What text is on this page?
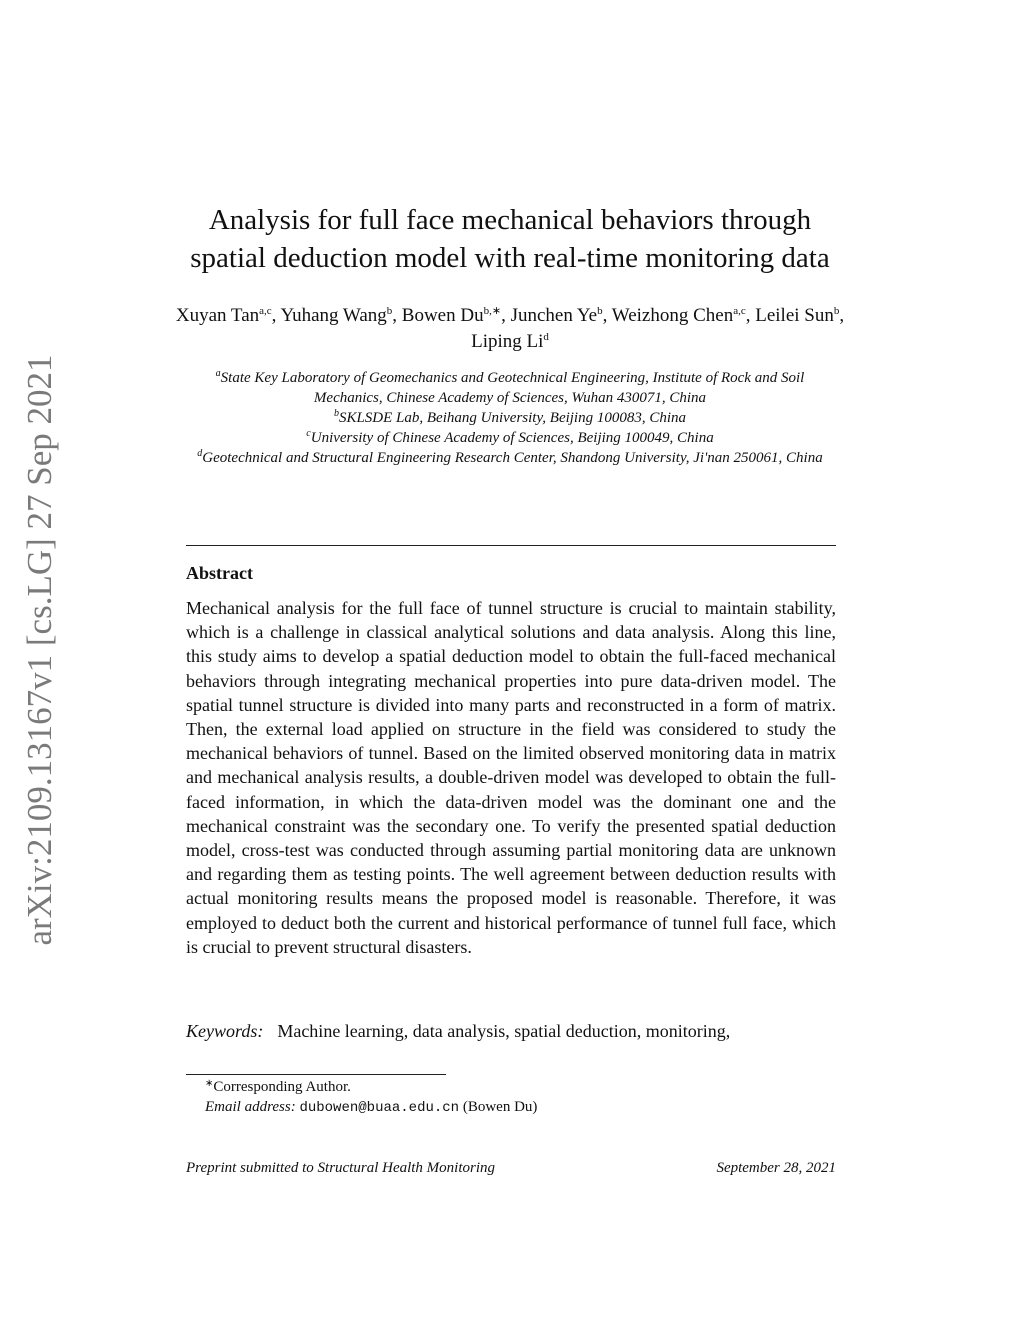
arXiv:2109.13167v1 [cs.LG] 27 Sep 2021
Analysis for full face mechanical behaviors through
spatial deduction model with real-time monitoring data
Xuyan Tan$^{a,c}$, Yuhang Wang$^b$, Bowen $Du^{b,∗}$, Junchen Ye$^b$, Weizhong Chen$^{a,c}$, Leilei Sun$^b$, Liping Li$^d$
$^a$State Key Laboratory of Geomechanics and Geotechnical Engineering, Institute of Rock and Soil Mechanics, Chinese Academy of Sciences, Wuhan 430071, China
$^b$SKLSDE Lab, Beihang University, Beijing 100083, China
$^c$University of Chinese Academy of Sciences, Beijing 100049, China
$^d$Geotechnical and Structural Engineering Research Center, Shandong University, Ji'nan 250061, China
Abstract
Mechanical analysis for the full face of tunnel structure is crucial to maintain stability, which is a challenge in classical analytical solutions and data analysis. Along this line, this study aims to develop a spatial deduction model to obtain the full-faced mechanical behaviors through integrating mechanical properties into pure data-driven model. The spatial tunnel structure is divided into many parts and reconstructed in a form of matrix. Then, the external load applied on structure in the field was considered to study the mechanical behaviors of tunnel. Based on the limited observed monitoring data in matrix and mechanical analysis results, a double-driven model was developed to obtain the full-faced information, in which the data-driven model was the dominant one and the mechanical constraint was the secondary one. To verify the presented spatial deduction model, cross-test was conducted through assuming partial monitoring data are unknown and regarding them as testing points. The well agreement between deduction results with actual monitoring results means the proposed model is reasonable. Therefore, it was employed to deduct both the current and historical performance of tunnel full face, which is crucial to prevent structural disasters.
Keywords: Machine learning, data analysis, spatial deduction, monitoring,
∗Corresponding Author.
Email address: dubowen@buaa.edu.cn (Bowen Du)
Preprint submitted to Structural Health Monitoring	September 28, 2021
